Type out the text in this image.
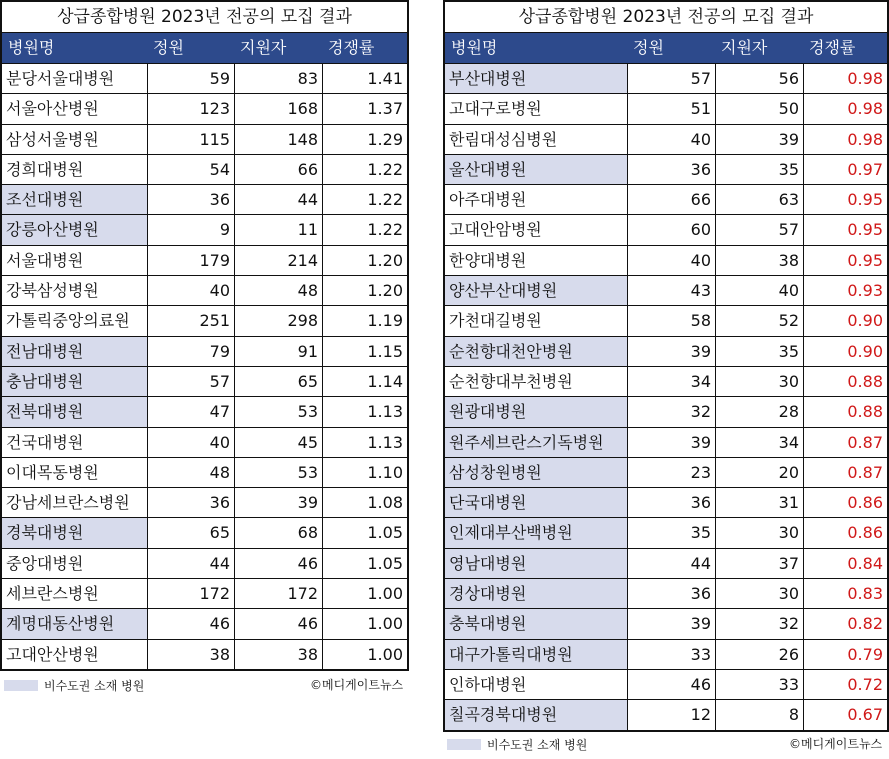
상급종합병원 2023년 전공의 모집 결과
병원명	정원	지원자	경쟁률
분당서울대병원	59	83	1.41
서울아산병원	123	168	1.37
삼성서울병원	115	148	1.29
경희대병원	54	66	1.22
조선대병원	36	44	1.22
강릉아산병원	9	11	1.22
서울대병원	179	214	1.20
강북삼성병원	40	48	1.20
가톨릭중앙의료원	251	298	1.19
전남대병원	79	91	1.15
충남대병원	57	65	1.14
전북대병원	47	53	1.13
건국대병원	40	45	1.13
이대목동병원	48	53	1.10
강남세브란스병원	36	39	1.08
경북대병원	65	68	1.05
중앙대병원	44	46	1.05
세브란스병원	172	172	1.00
계명대동산병원	46	46	1.00
고대안산병원	38	38	1.00
비수도권 소재 병원	©메디게이트뉴스
상급종합병원 2023년 전공의 모집 결과
병원명	정원	지원자	경쟁률
부산대병원	57	56	0.98
고대구로병원	51	50	0.98
한림대성심병원	40	39	0.98
울산대병원	36	35	0.97
아주대병원	66	63	0.95
고대안암병원	60	57	0.95
한양대병원	40	38	0.95
양산부산대병원	43	40	0.93
가천대길병원	58	52	0.90
순천향대천안병원	39	35	0.90
순천향대부천병원	34	30	0.88
원광대병원	32	28	0.88
원주세브란스기독병원	39	34	0.87
삼성창원병원	23	20	0.87
단국대병원	36	31	0.86
인제대부산백병원	35	30	0.86
영남대병원	44	37	0.84
경상대병원	36	30	0.83
충북대병원	39	32	0.82
대구가톨릭대병원	33	26	0.79
인하대병원	46	33	0.72
칠곡경북대병원	12	8	0.67
비수도권 소재 병원	©메디게이트뉴스
